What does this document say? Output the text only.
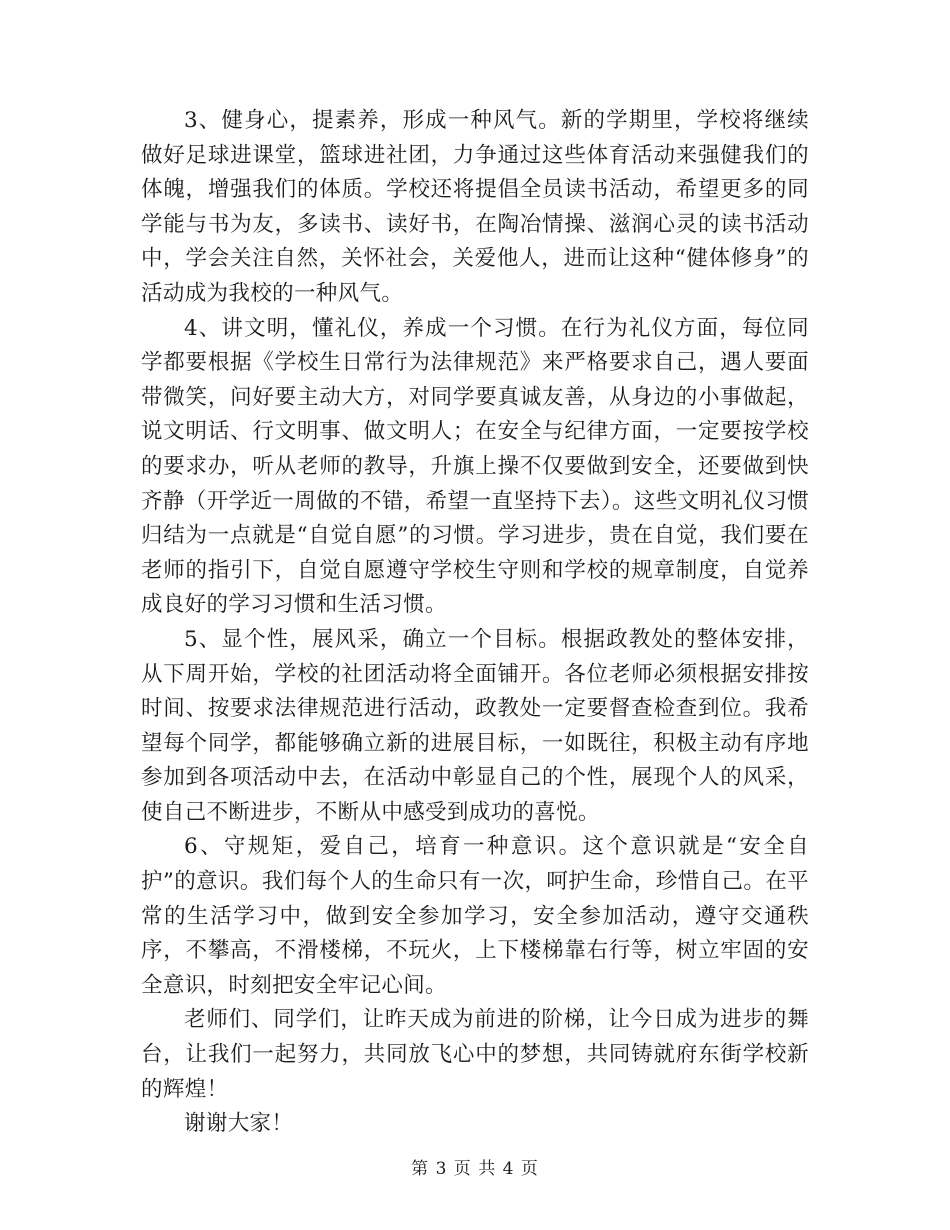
3、健身心，提素养，形成一种风气。新的学期里，学校将继续做好足球进课堂，篮球进社团，力争通过这些体育活动来强健我们的体魄，增强我们的体质。学校还将提倡全员读书活动，希望更多的同学能与书为友，多读书、读好书，在陶冶情操、滋润心灵的读书活动中，学会关注自然，关怀社会，关爱他人，进而让这种“健体修身”的活动成为我校的一种风气。

4、讲文明，懂礼仪，养成一个习惯。在行为礼仪方面，每位同学都要根据《学校生日常行为法律规范》来严格要求自己，遇人要面带微笑，问好要主动大方，对同学要真诚友善，从身边的小事做起，说文明话、行文明事、做文明人；在安全与纪律方面，一定要按学校的要求办，听从老师的教导，升旗上操不仅要做到安全，还要做到快齐静（开学近一周做的不错，希望一直坚持下去）。这些文明礼仪习惯归结为一点就是“自觉自愿”的习惯。学习进步，贵在自觉，我们要在老师的指引下，自觉自愿遵守学校生守则和学校的规章制度，自觉养成良好的学习习惯和生活习惯。

5、显个性，展风采，确立一个目标。根据政教处的整体安排，从下周开始，学校的社团活动将全面铺开。各位老师必须根据安排按时间、按要求法律规范进行活动，政教处一定要督查检查到位。我希望每个同学，都能够确立新的进展目标，一如既往，积极主动有序地参加到各项活动中去，在活动中彰显自己的个性，展现个人的风采，使自己不断进步，不断从中感受到成功的喜悦。

6、守规矩，爱自己，培育一种意识。这个意识就是“安全自护”的意识。我们每个人的生命只有一次，呵护生命，珍惜自己。在平常的生活学习中，做到安全参加学习，安全参加活动，遵守交通秩序，不攀高，不滑楼梯，不玩火，上下楼梯靠右行等，树立牢固的安全意识，时刻把安全牢记心间。

老师们、同学们，让昨天成为前进的阶梯，让今日成为进步的舞台，让我们一起努力，共同放飞心中的梦想，共同铸就府东街学校新的辉煌！

谢谢大家！

第 3 页 共 4 页
